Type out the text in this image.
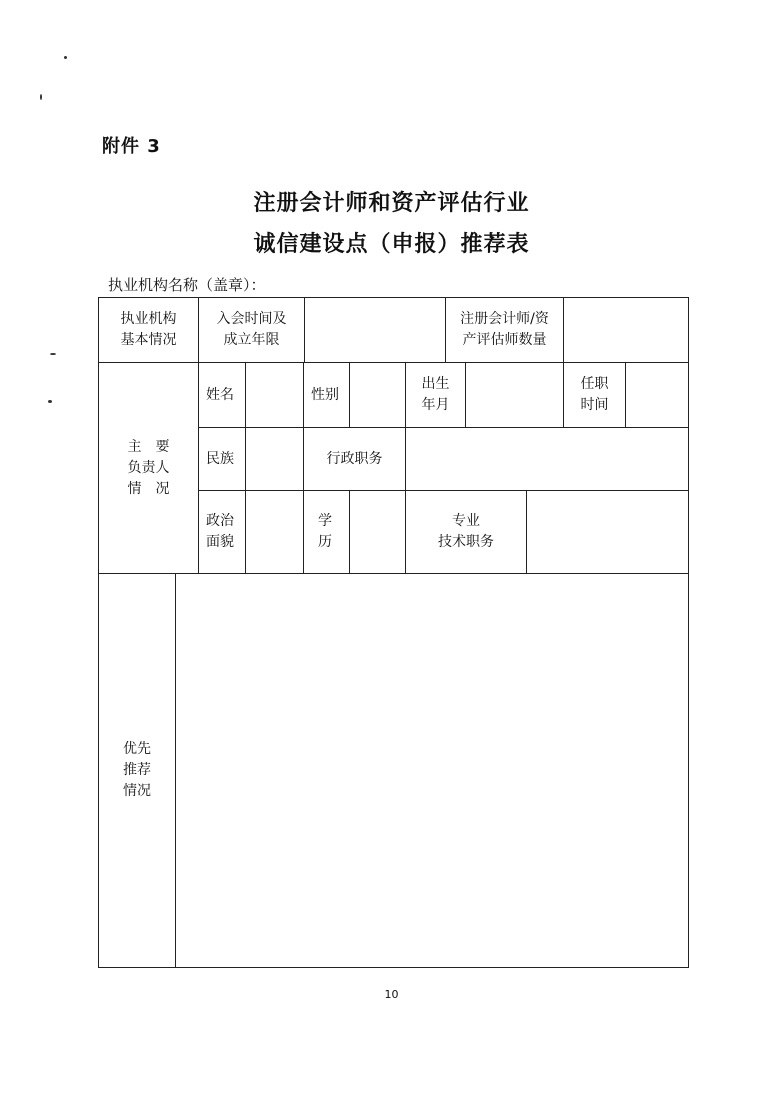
附件 3
注册会计师和资产评估行业
诚信建设点（申报）推荐表
执业机构名称（盖章）：
执业机构
基本情况
入会时间及
成立年限
注册会计师/资
产评估师数量
主　要
负责人
情　况
姓名	性别
出生
年月
任职
时间
民族	行政职务
政治
面貌
学
历
专业
技术职务
优先
推荐
情况
10
